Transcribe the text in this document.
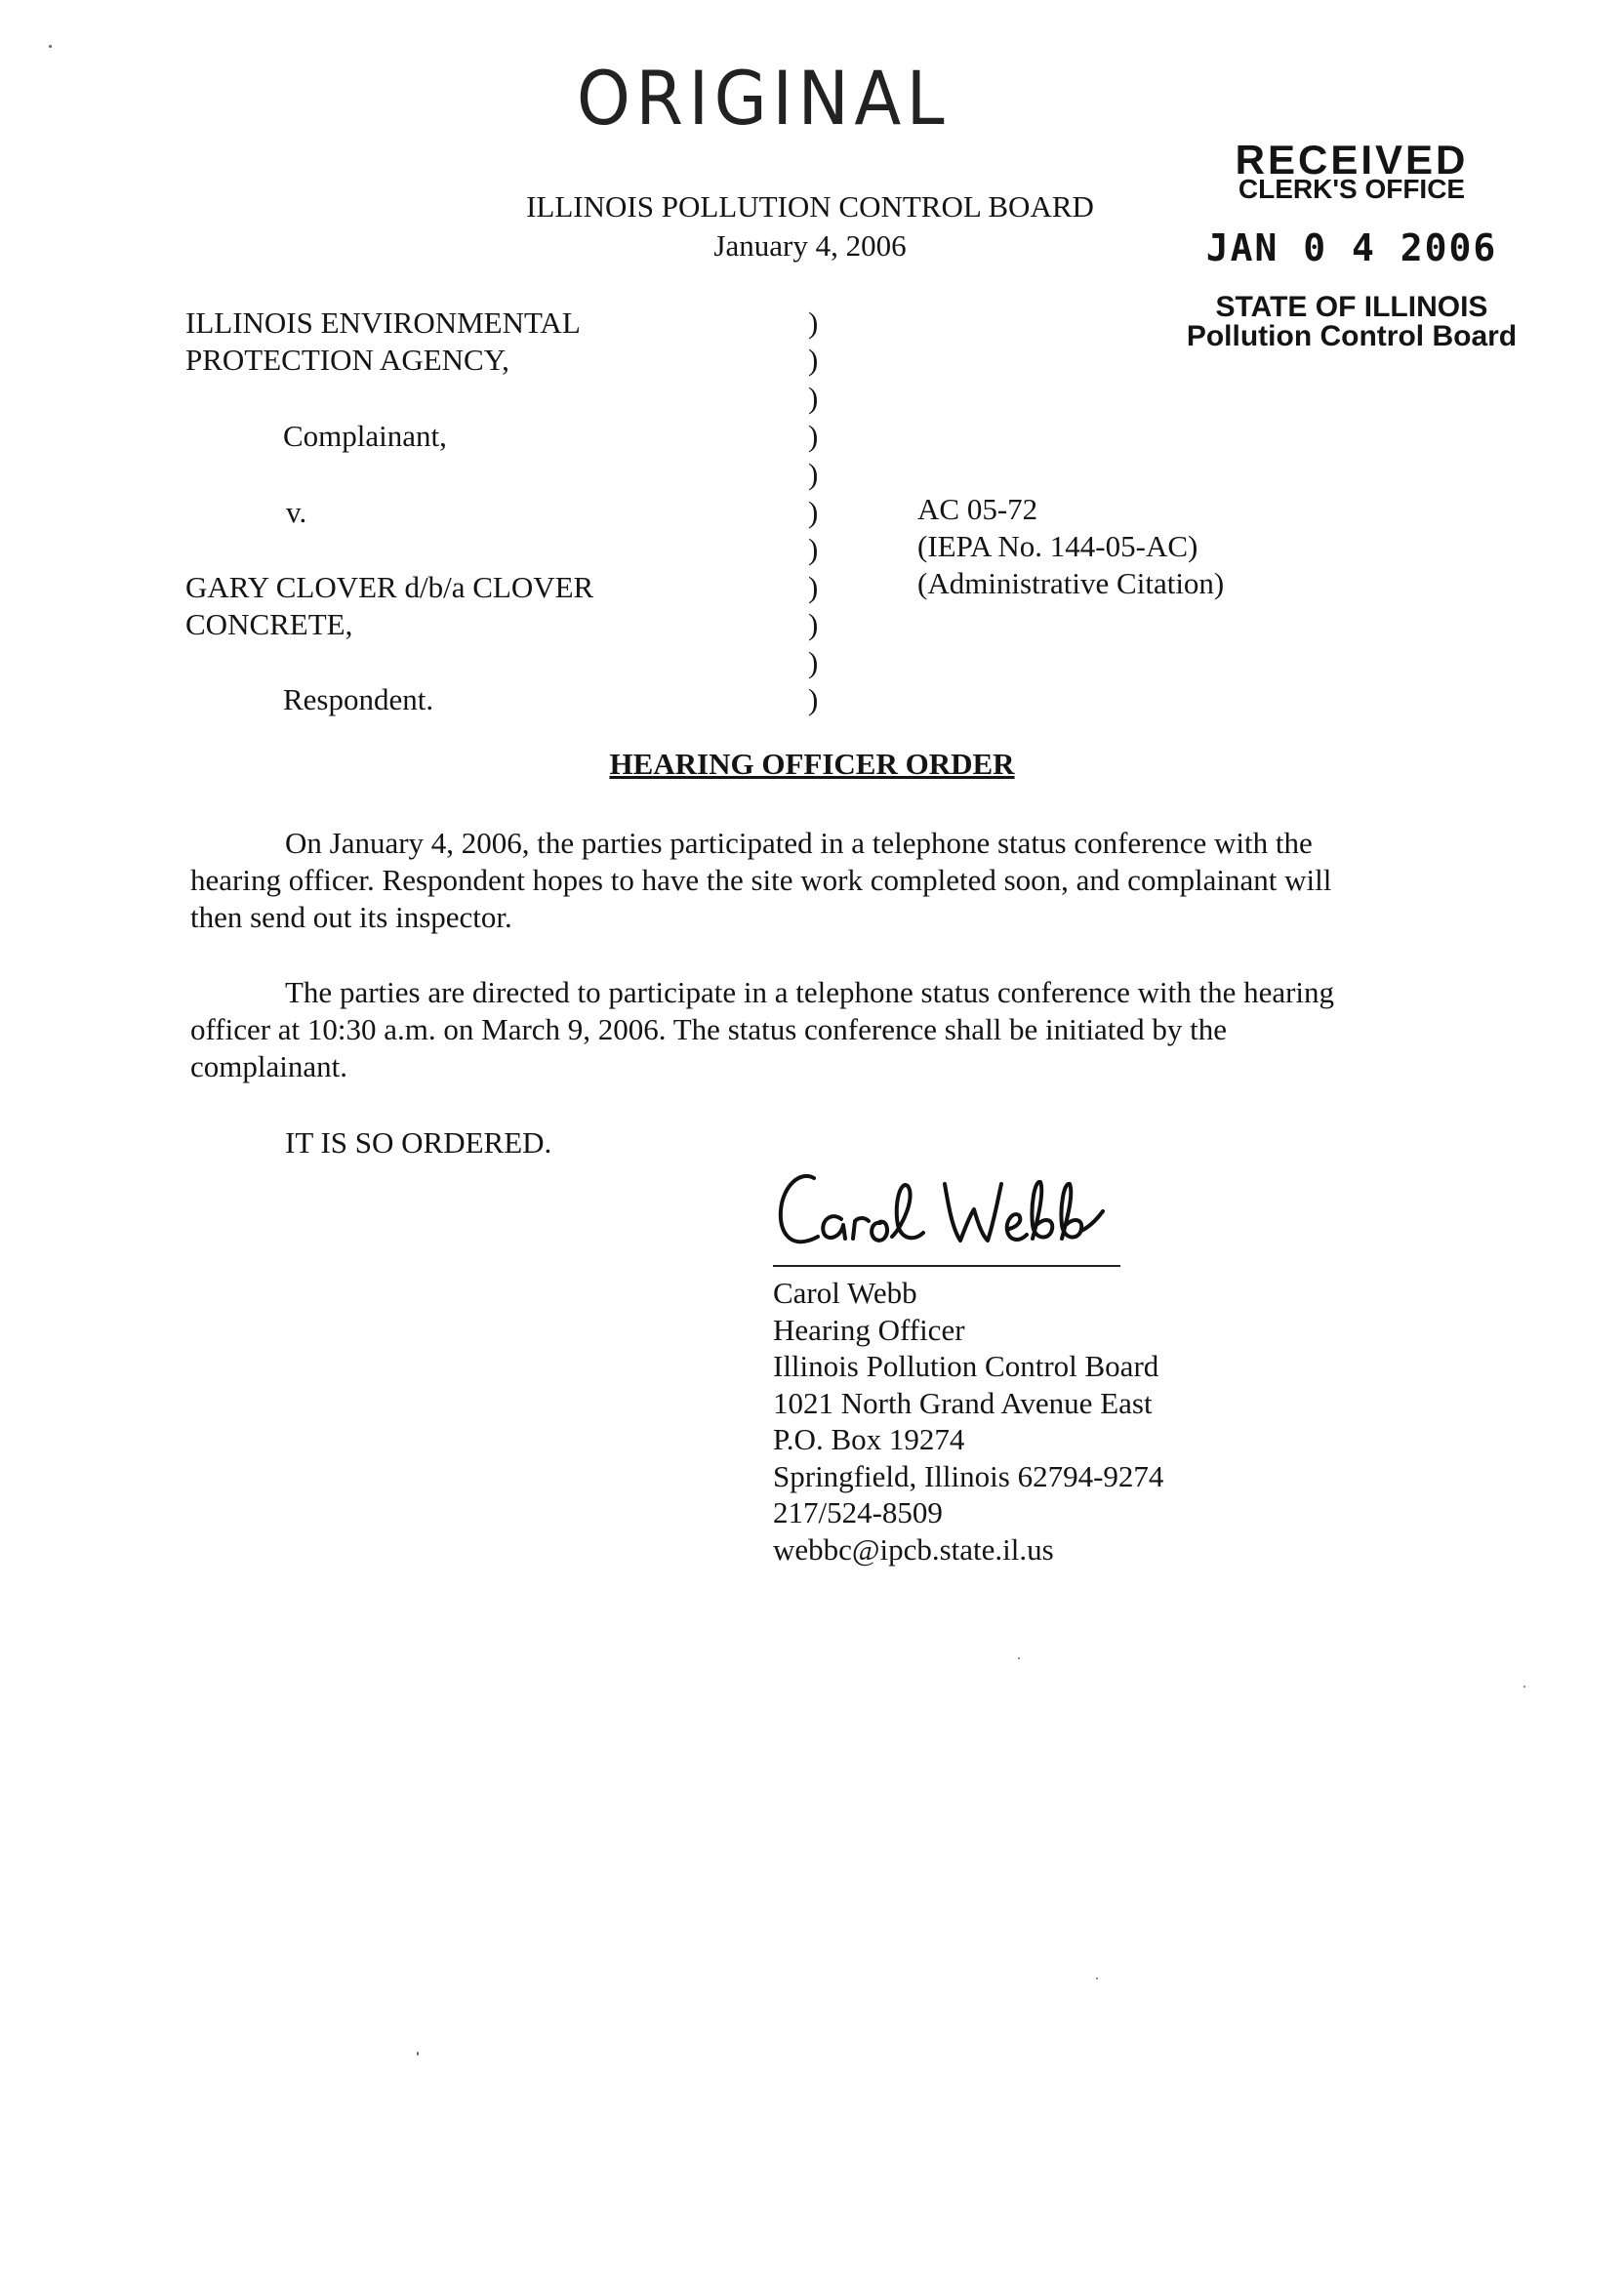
ORIGINAL
ILLINOIS POLLUTION CONTROL BOARD
January 4, 2006
RECEIVED
CLERK'S OFFICE
JAN 0 4 2006
STATE OF ILLINOIS
Pollution Control Board
ILLINOIS ENVIRONMENTAL
PROTECTION AGENCY,
Complainant,
v.
GARY CLOVER d/b/a CLOVER
CONCRETE,
Respondent.
)
)
)
)
)
)
)
)
)
)
)
AC 05-72
(IEPA No. 144-05-AC)
(Administrative Citation)
HEARING OFFICER ORDER
On January 4, 2006, the parties participated in a telephone status conference with the
hearing officer. Respondent hopes to have the site work completed soon, and complainant will
then send out its inspector.
The parties are directed to participate in a telephone status conference with the hearing
officer at 10:30 a.m. on March 9, 2006. The status conference shall be initiated by the
complainant.
IT IS SO ORDERED.
Carol Webb
Hearing Officer
Illinois Pollution Control Board
1021 North Grand Avenue East
P.O. Box 19274
Springfield, Illinois 62794-9274
217/524-8509
webbc@ipcb.state.il.us
